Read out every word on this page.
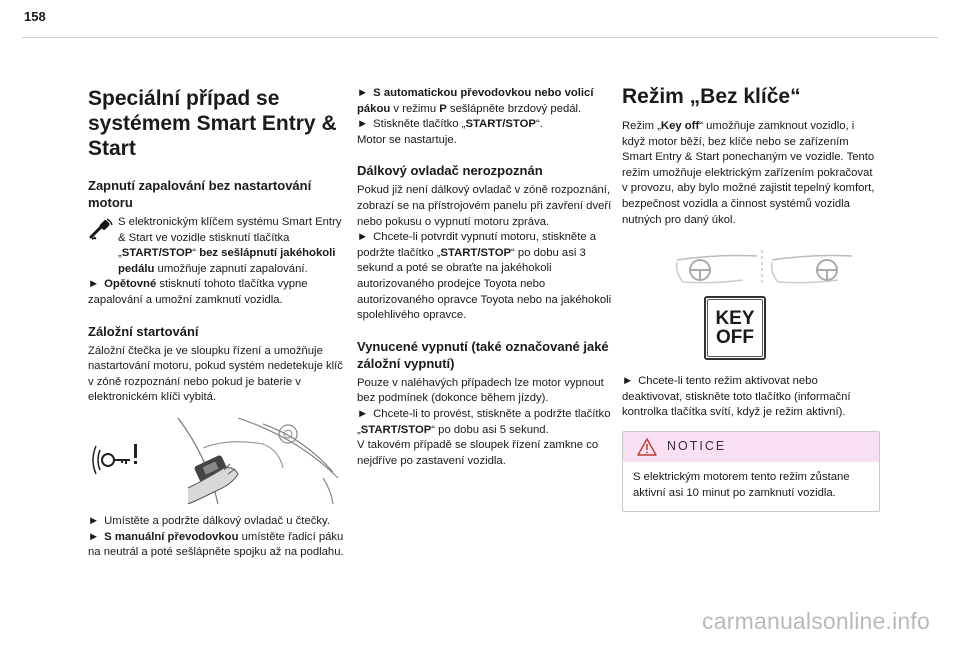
158
Speciální případ se systémem Smart Entry & Start
Zapnutí zapalování bez nastartování motoru

S elektronickým klíčem systému Smart Entry & Start ve vozidle stisknutí tlačítka „START/STOP“ bez sešlápnutí jakéhokoli pedálu umožňuje zapnutí zapalování.

► Opětovné stisknutí tohoto tlačítka vypne zapalování a umožní zamknutí vozidla.

Záložní startování

Záložní čtečka je ve sloupku řízení a umožňuje nastartování motoru, pokud systém nedetekuje klíč v zóně rozpoznání nebo pokud je baterie v elektronickém klíči vybitá.

► Umístěte a podržte dálkový ovladač u čtečky.

► S manuální převodovkou umístěte řadicí páku na neutrál a poté sešlápněte spojku až na podlahu.

► S automatickou převodovkou nebo volicí pákou v režimu P sešlápněte brzdový pedál.

► Stiskněte tlačítko „START/STOP“.

Motor se nastartuje.

Dálkový ovladač nerozpoznán

Pokud již není dálkový ovladač v zóně rozpoznání, zobrazí se na přístrojovém panelu při zavření dveří nebo pokusu o vypnutí motoru zpráva.

► Chcete-li potvrdit vypnutí motoru, stiskněte a podržte tlačítko „START/STOP“ po dobu asi 3 sekund a poté se obraťte na jakéhokoli autorizovaného prodejce Toyota nebo autorizovaného opravce Toyota nebo na jakéhokoli spolehlivého opravce.

Vynucené vypnutí (také označované jaké záložní vypnutí)

Pouze v naléhavých případech lze motor vypnout bez podmínek (dokonce během jízdy).

► Chcete-li to provést, stiskněte a podržte tlačítko „START/STOP“ po dobu asi 5 sekund.

V takovém případě se sloupek řízení zamkne co nejdříve po zastavení vozidla.

Režim „Bez klíče“

Režim „Key off“ umožňuje zamknout vozidlo, i když motor běží, bez klíče nebo se zařízením Smart Entry & Start ponechaným ve vozidle. Tento režim umožňuje elektrickým zařízením pokračovat v provozu, aby bylo možné zajistit tepelný komfort, bezpečnost vozidla a činnost systémů vozidla nutných pro daný úkol.

KEY
OFF

► Chcete-li tento režim aktivovat nebo deaktivovat, stiskněte toto tlačítko (informační kontrolka tlačítka svítí, když je režim aktivní).

NOTICE
S elektrickým motorem tento režim zůstane aktivní asi 10 minut po zamknutí vozidla.
carmanualsonline.info
